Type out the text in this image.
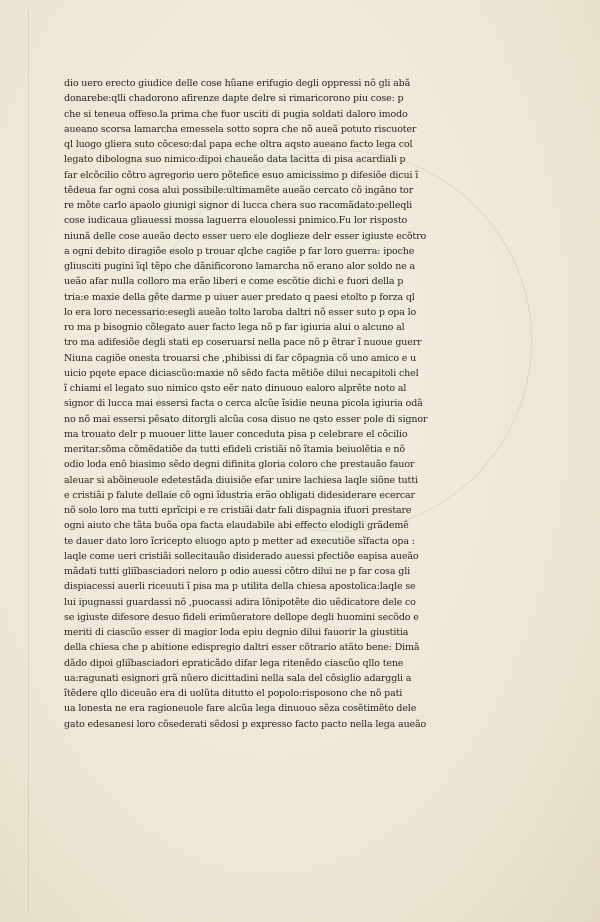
dio uero erecto giudice delle cose hũane erifugio degli oppressi nõ gli abã
donarebe:qlli chadorono afirenze dapte delre si rimaricorono piu cose: p
che si teneua offeso.la prima che fuor usciti di pugia soldati daloro imodo
aueano scorsa lamarcha emessela sotto sopra che nõ aueã potuto riscuoter
ql luogo gliera suto cõceso:dal papa eche oltra aqsto aueano facto lega col
legato dibologna suo nimico:dipoi chaueão data lacitta di pisa acardiali p
far elcõcilio cõtro agregorio uero põtefice esuo amicissimo p difesiõe dicui ĩ
tẽdeua far ogni cosa alui possibile:ultimamẽte aueão cercato cõ ingãno tor
re mõte carlo apaolo giunigi signor di lucca chera suo racomãdato:pelleqli
cose iudicaua gliauessi mossa laguerra elouolessi pnimico.Fu lor risposto
niunã delle cose aueão decto esser uero ele doglieze delr esser igiuste ecõtro
a ogni debito diragiõe esolo p trouar qlche cagiõe p far loro guerra: ipoche
gliusciti pugini ĩql tẽpo che dãnificorono lamarcha nõ erano alor soldo ne a
ueão afar nulla colloro ma erão liberi e come escõtie dichi e fuori della p
tria:e maxie della gẽte darme p uiuer auer predato q paesi etolto p forza ql
lo era loro necessario:esegli aueão tolto laroba daltri nõ esser suto p opa lo
ro ma p bisognio cõlegato auer facto lega nõ p far igiuria alui o alcuno al
tro ma adifesiõe degli stati ep coseruarsi nella pace nõ p ẽtrar ĩ nuoue guerr
Niuna cagiõe onesta trouarsi che ,phibissi di far cõpagnia cõ uno amico e u
uicio pqete epace diciascũo:maxie nõ sẽdo facta mẽtiõe dilui necapitoli chel
ĩ chiami el legato suo nimico qsto eẽr nato dinuouo ealoro alprẽte noto al
signor di lucca mai essersi facta o cerca alcũe ĩsidie neuna picola igiuria odã
no nõ mai essersi pẽsato ditorgli alcũa cosa disuo ne qsto esser pole di signor
ma trouato delr p muouer litte lauer conceduta pisa p celebrare el cõcilio
meritar.sõma cõmẽdatiõe da tutti efideli cristiãi nõ ĩtamia beiuolẽtia e nõ
odio loda enõ biasimo sẽdo degni difinita gloria coloro che prestauão fauor
aleuar si abõineuole edetestãda diuisiõe efar unire lachiesa laqle siõne tutti
e cristiãi p falute dellaie cõ ogni ĩdustria erão obligati didesiderare ecercar
nõ solo loro ma tutti eprĩcipi e re cristiãi datr fali dispagnia ifuori prestare
ogni aiuto che tãta buõa opa facta elaudabile abi effecto elodigli grãdemẽ
te dauer dato loro ĩcricepto eluogo apto p metter ad executiõe sĩfacta opa :
laqle come ueri cristiãi sollecitauão disiderado auessi pfectiõe eapisa aueão
mãdati tutti gliĩbasciadori neloro p odio auessi cõtro dilui ne p far cosa gli
dispiacessi auerli riceuuti ĩ pisa ma p utilita della chiesa apostolica:laqle se
lui ipugnassi guardassi nõ ,puocassi adira lõnipotẽte dio uẽdicatore dele co
se igiuste difesore desuo fideli erimũeratore dellope degli huomini secõdo e
meriti di ciascũo esser di magior loda epiu degnio dilui fauorir la giustitia
della chiesa che p abitione edispregio daltri esser cõtrario atãto bene: Dimã
dãdo dipoi gliĩbasciadori epraticãdo difar lega ritenẽdo ciascũo qllo tene
ua:ragunati esignori grã nũero dicittadini nella sala del cõsiglio adarggli a
ĩtẽdere qllo diceuão era di uolũta ditutto el popolo:risposono che nõ pati
ua lonesta ne era ragioneuole fare alcũa lega dinuouo sẽza cosẽtimẽto dele
gato edesanesi loro cõsederati sẽdosi p expresso facto pacto nella lega aueão
